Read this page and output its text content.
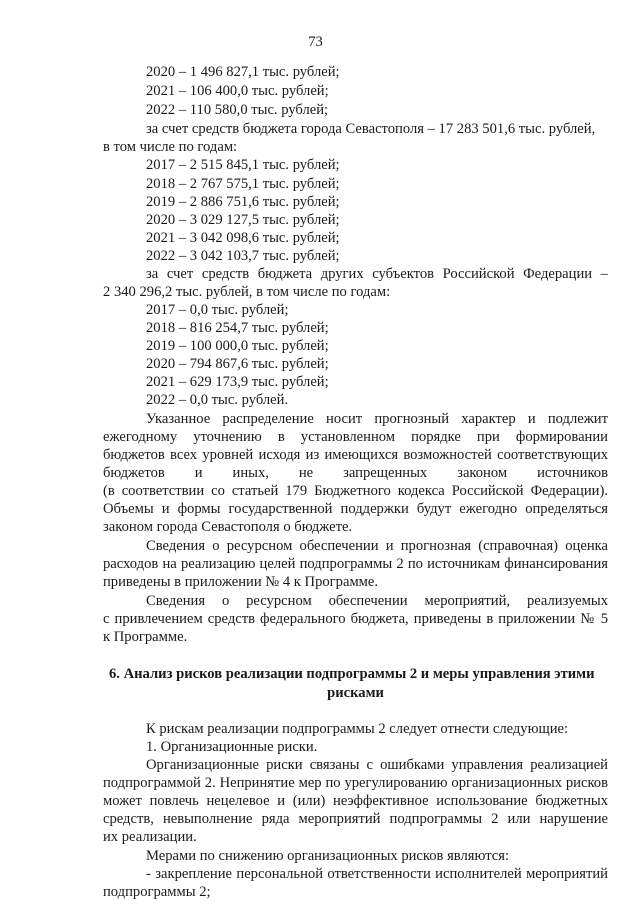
73
2020 – 1 496 827,1 тыс. рублей;
2021 – 106 400,0 тыс. рублей;
2022 – 110 580,0 тыс. рублей;
за счет средств бюджета города Севастополя – 17 283 501,6 тыс. рублей,
в том числе по годам:
2017 – 2 515 845,1 тыс. рублей;
2018 – 2 767 575,1 тыс. рублей;
2019 – 2 886 751,6 тыс. рублей;
2020 – 3 029 127,5 тыс. рублей;
2021 – 3 042 098,6 тыс. рублей;
2022 – 3 042 103,7 тыс. рублей;
за счет средств бюджета других субъектов Российской Федерации –
2 340 296,2 тыс. рублей, в том числе по годам:
2017 – 0,0 тыс. рублей;
2018 – 816 254,7 тыс. рублей;
2019 – 100 000,0 тыс. рублей;
2020 – 794 867,6 тыс. рублей;
2021 – 629 173,9 тыс. рублей;
2022 – 0,0 тыс. рублей.
Указанное распределение носит прогнозный характер и подлежит
ежегодному уточнению в установленном порядке при формировании
бюджетов всех уровней исходя из имеющихся возможностей соответствующих
бюджетов и иных, не запрещенных законом источников
(в соответствии со статьей 179 Бюджетного кодекса Российской Федерации).
Объемы и формы государственной поддержки будут ежегодно определяться
законом города Севастополя о бюджете.
Сведения о ресурсном обеспечении и прогнозная (справочная) оценка
расходов на реализацию целей подпрограммы 2 по источникам финансирования
приведены в приложении № 4 к Программе.
Сведения о ресурсном обеспечении мероприятий, реализуемых
с привлечением средств федерального бюджета, приведены в приложении № 5
к Программе.
6. Анализ рисков реализации подпрограммы 2 и меры управления этими
рисками
К рискам реализации подпрограммы 2 следует отнести следующие:
1. Организационные риски.
Организационные риски связаны с ошибками управления реализацией
подпрограммой 2. Непринятие мер по урегулированию организационных рисков
может повлечь нецелевое и (или) неэффективное использование бюджетных
средств, невыполнение ряда мероприятий подпрограммы 2 или нарушение
их реализации.
Мерами по снижению организационных рисков являются:
- закрепление персональной ответственности исполнителей мероприятий
подпрограммы 2;
